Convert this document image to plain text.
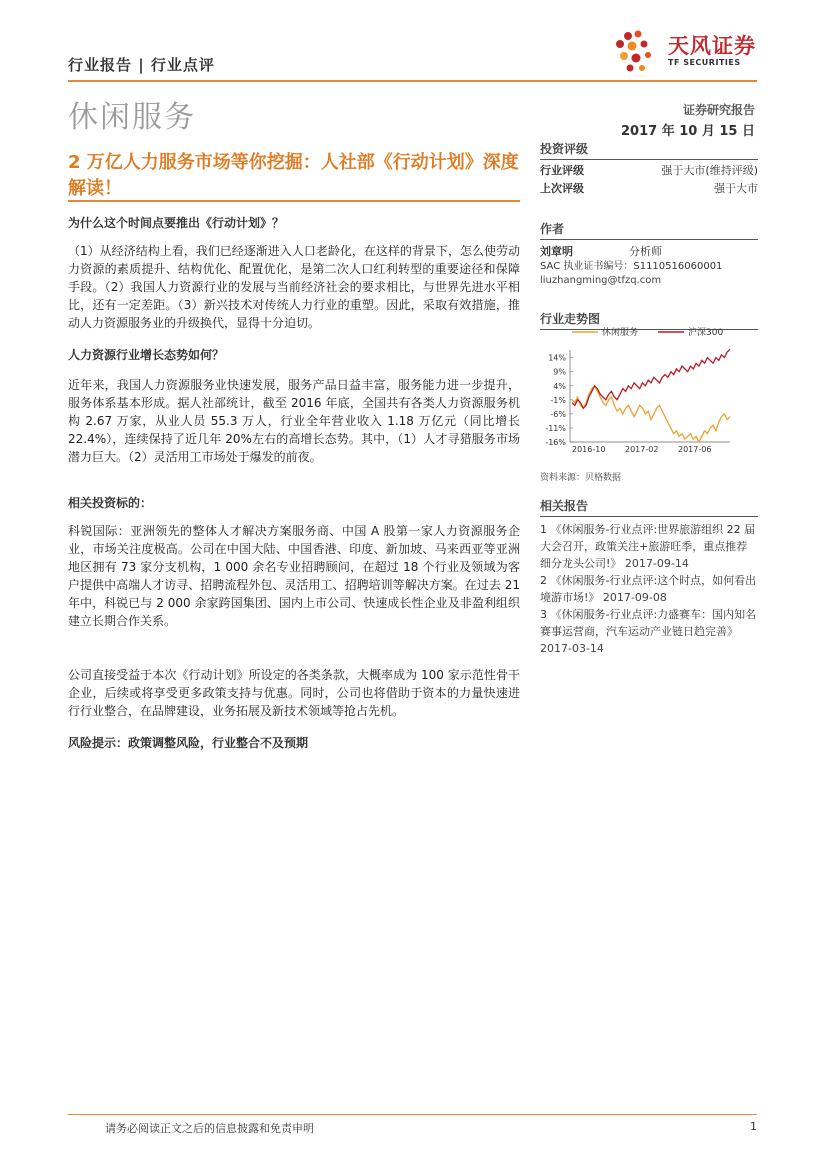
行业报告 | 行业点评
天风证券
TF SECURITIES
休闲服务	证券研究报告
2017 年 10 月 15 日
2 万亿人力服务市场等你挖掘：人社部《行动计划》深度解读！
为什么这个时间点要推出《行动计划》？

（1）从经济结构上看，我们已经逐渐进入人口老龄化，在这样的背景下，怎么使劳动力资源的素质提升、结构优化、配置优化，是第二次人口红利转型的重要途径和保障手段。（2）我国人力资源行业的发展与当前经济社会的要求相比，与世界先进水平相比，还有一定差距。（3）新兴技术对传统人力行业的重塑。因此，采取有效措施，推动人力资源服务业的升级换代，显得十分迫切。

人力资源行业增长态势如何？

近年来，我国人力资源服务业快速发展，服务产品日益丰富，服务能力进一步提升，服务体系基本形成。据人社部统计，截至 2016 年底，全国共有各类人力资源服务机构 2.67 万家，从业人员 55.3 万人，行业全年营业收入 1.18 万亿元（同比增长 22.4%），连续保持了近几年 20%左右的高增长态势。其中，（1）人才寻猎服务市场潜力巨大。（2）灵活用工市场处于爆发的前夜。

相关投资标的：

科锐国际：亚洲领先的整体人才解决方案服务商、中国 A 股第一家人力资源服务企业，市场关注度极高。公司在中国大陆、中国香港、印度、新加坡、马来西亚等亚洲地区拥有 73 家分支机构，1 000 余名专业招聘顾问，在超过 18 个行业及领域为客户提供中高端人才访寻、招聘流程外包、灵活用工、招聘培训等解决方案。在过去 21 年中，科锐已与 2 000 余家跨国集团、国内上市公司、快速成长性企业及非盈利组织建立长期合作关系。

公司直接受益于本次《行动计划》所设定的各类条款，大概率成为 100 家示范性骨干企业，后续或将享受更多政策支持与优惠。同时，公司也将借助于资本的力量快速进行行业整合，在品牌建设，业务拓展及新技术领域等抢占先机。

风险提示：政策调整风险，行业整合不及预期
投资评级
行业评级	强于大市(维持评级)
上次评级	强于大市
作者
刘章明	分析师
SAC 执业证书编号：S1110516060001
liuzhangming@tfzq.com
行业走势图
休闲服务	沪深300
14%
9%
4%
-1%
-6%
-11%
-16%
2016-10 2017-02 2017-06
资料来源：贝格数据
相关报告
1 《休闲服务-行业点评:世界旅游组织 22 届大会召开，政策关注+旅游旺季，重点推荐细分龙头公司!》 2017-09-14
2 《休闲服务-行业点评:这个时点，如何看出境游市场!》 2017-09-08
3 《休闲服务-行业点评:力盛赛车：国内知名赛事运营商，汽车运动产业链日趋完善》 2017-03-14
请务必阅读正文之后的信息披露和免责申明	1
